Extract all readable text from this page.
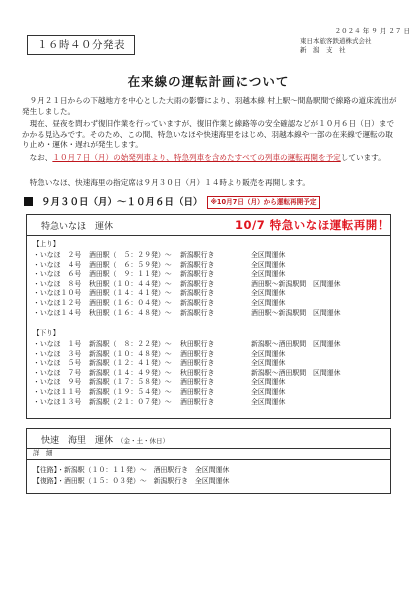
１６時４０分発表
２０２４ 年 ９ 月 ２７ 日
東日本旅客鉄道株式会社
新　潟　支　社
在来線の運転計画について
　９月２１日からの下越地方を中心とした大雨の影響により、羽越本線 村上駅〜間島駅間で線路の道床流出が発生しました。
　現在、昼夜を問わず復旧作業を行っていますが、復旧作業と線路等の安全確認などが１０月６日（日）までかかる見込みです。そのため、この間、特急いなほや快速海里をはじめ、羽越本線や一部の在来線で運転の取り止め・運休・遅れが発生します。
　なお、１０月７日（月）の始発列車より、特急列車を含めたすべての列車の運転再開を予定しています。
　特急いなほ、快速海里の指定席は９月３０日（月）１４時より販売を再開します。
９月３０日（月）〜１０月６日（日） ※10月7日（月）から運転再開予定
特急いなほ　運休	10/7 特急いなほ運転再開！
【上り】
・いなほ　２号 酒田駅（　５：２９発）〜 新潟駅行き	全区間運休
・いなほ　４号 酒田駅（　６：５９発）〜 新潟駅行き	全区間運休
・いなほ　６号 酒田駅（　９：１１発）〜 新潟駅行き	全区間運休
・いなほ　８号 秋田駅（１０：４４発）〜 新潟駅行き	酒田駅〜新潟駅間　区間運休
・いなほ１０号 酒田駅（１４：４１発）〜 新潟駅行き	全区間運休
・いなほ１２号 酒田駅（１６：０４発）〜 新潟駅行き	全区間運休
・いなほ１４号 秋田駅（１６：４８発）〜 新潟駅行き	酒田駅〜新潟駅間　区間運休
【下り】
・いなほ　１号 新潟駅（　８：２２発）〜 秋田駅行き	新潟駅〜酒田駅間　区間運休
・いなほ　３号 新潟駅（１０：４８発）〜 酒田駅行き	全区間運休
・いなほ　５号 新潟駅（１２：４１発）〜 酒田駅行き	全区間運休
・いなほ　７号 新潟駅（１４：４９発）〜 秋田駅行き	新潟駅〜酒田駅間　区間運休
・いなほ　９号 新潟駅（１７：５８発）〜 酒田駅行き	全区間運休
・いなほ１１号 新潟駅（１９：５４発）〜 酒田駅行き	全区間運休
・いなほ１３号 新潟駅（２１：０７発）〜 酒田駅行き	全区間運休
快速　海里　運休 （金・土・休日）
詳　細
【往路】・新潟駅（１０：１１発）〜　酒田駅行き　全区間運休
【復路】・酒田駅（１５：０３発）〜　新潟駅行き　全区間運休
